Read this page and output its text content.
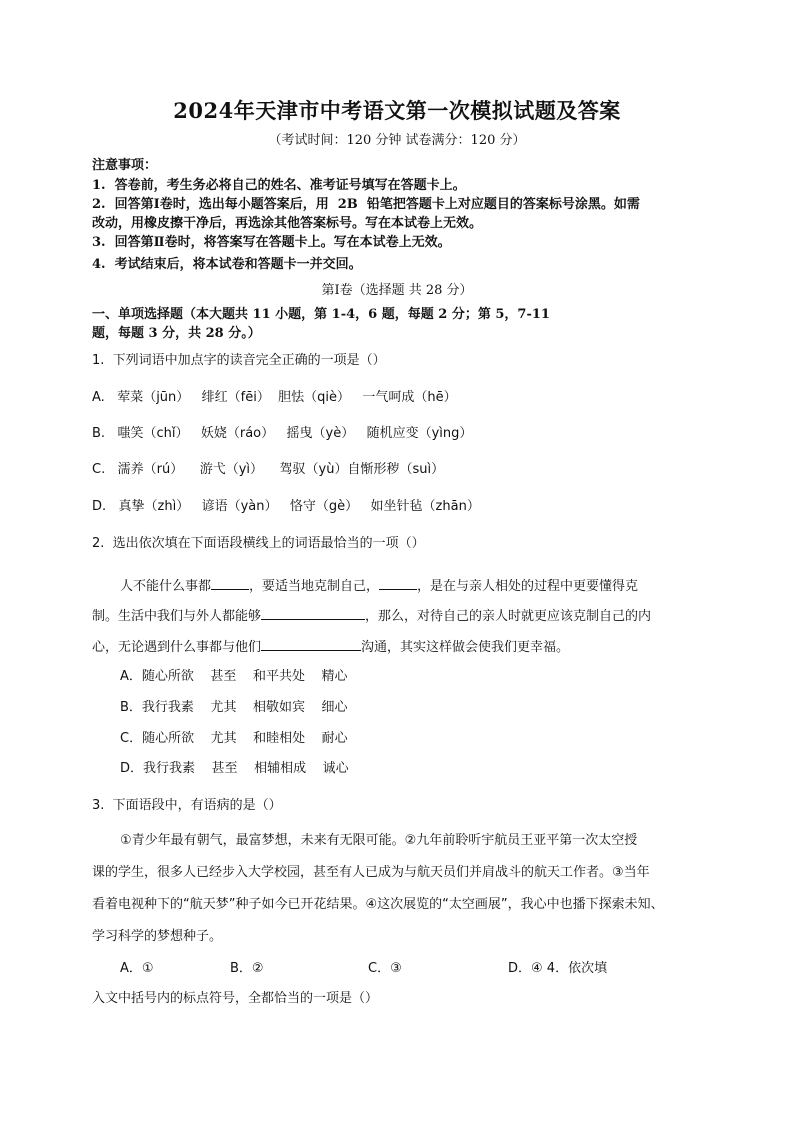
2024年天津市中考语文第一次模拟试题及答案
（考试时间：120 分钟 试卷满分：120 分）
注意事项：
1.  答卷前，考生务必将自己的姓名、准考证号填写在答题卡上。
2.  回答第Ⅰ卷时，选出每小题答案后，用  2B  铅笔把答题卡上对应题目的答案标号涂黑。如需
改动，用橡皮擦干净后，再选涂其他答案标号。写在本试卷上无效。
3.  回答第Ⅱ卷时，将答案写在答题卡上。写在本试卷上无效。
4.  考试结束后，将本试卷和答题卡一并交回。
第Ⅰ卷（选择题 共 28 分）
一、单项选择题（本大题共 11 小题，第 1-4，6 题，每题 2 分；第 5，7-11
题，每题 3 分，共 28 分。）
1.  下列词语中加点字的读音完全正确的一项是（）
A.   荤菜（jūn）   绯红（fēi）  胆怯（qiè）   一气呵成（hē）
B.   嗤笑（chǐ）   妖娆（ráo）   摇曳（yè）   随机应变（yìng）
C.   濡养（rú）    游弋（yì）    驾驭（yù）自惭形秽（suì）
D.   真挚（zhì）   谚语（yàn）   恪守（gè）   如坐针毡（zhān）
2.  选出依次填在下面语段横线上的词语最恰当的一项（）
人不能什么事都	，要适当地克制自己，	，是在与亲人相处的过程中更要懂得克
制。生活中我们与外人都能够	，那么，对待自己的亲人时就更应该克制自己的内
心，无论遇到什么事都与他们	沟通，其实这样做会使我们更幸福。
A．随心所欲    甚至    和平共处    精心
B．我行我素    尤其    相敬如宾    细心
C．随心所欲    尤其    和睦相处    耐心
D．我行我素    甚至    相辅相成    诚心
3.  下面语段中，有语病的是（）
①青少年最有朝气，最富梦想，未来有无限可能。②九年前聆听宇航员王亚平第一次太空授
课的学生，很多人已经步入大学校园，甚至有人已成为与航天员们并肩战斗的航天工作者。③当年
看着电视种下的“航天梦”种子如今已开花结果。④这次展览的“太空画展”，我心中也播下探索未知、
学习科学的梦想种子。
A．①	B．②	C．③	D．④ 4．依次填
入文中括号内的标点符号，全都恰当的一项是（）
